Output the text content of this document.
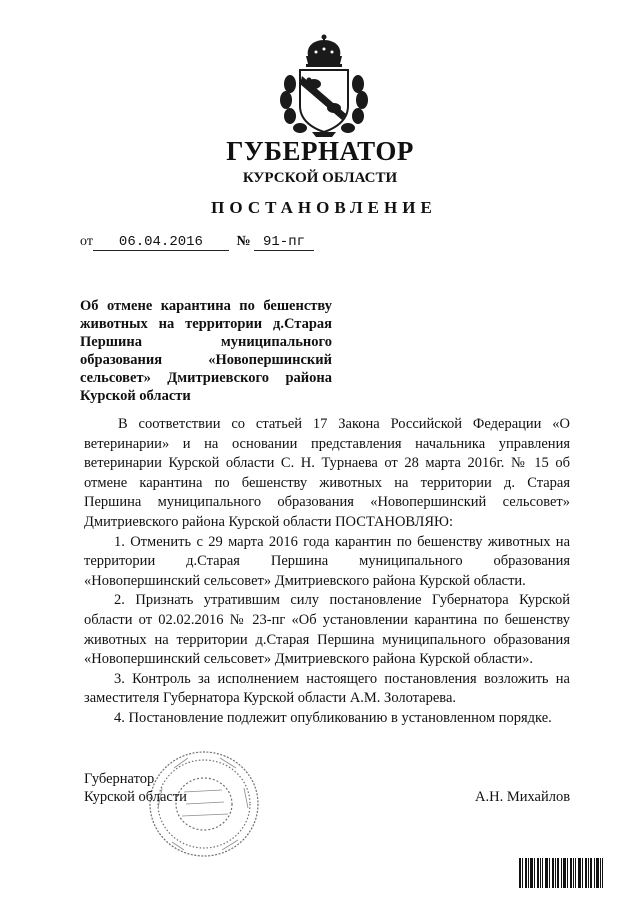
ГУБЕРНАТОР
КУРСКОЙ ОБЛАСТИ
ПОСТАНОВЛЕНИЕ
от 06.04.2016 № 91-пг
Об отмене карантина по бешенству
животных на территории д.Старая
Першина муниципального
образования «Новопершинский
сельсовет» Дмитриевского района
Курской области
В соответствии со статьей 17 Закона Российской Федерации «О
ветеринарии» и на основании представления начальника управления
ветеринарии Курской области С. Н. Турнаева от 28 марта 2016г. № 15 об
отмене карантина по бешенству животных на территории д. Старая
Першина муниципального образования «Новопершинский сельсовет»
Дмитриевского района Курской области ПОСТАНОВЛЯЮ:
1. Отменить с 29 марта 2016 года карантин по бешенству животных на
территории д.Старая Першина муниципального образования
«Новопершинский сельсовет» Дмитриевского района Курской области.
2. Признать утратившим силу постановление Губернатора Курской
области от 02.02.2016 № 23-пг «Об установлении карантина по бешенству
животных на территории д.Старая Першина муниципального образования
«Новопершинский сельсовет» Дмитриевского района Курской области».
3. Контроль за исполнением настоящего постановления возложить на
заместителя Губернатора Курской области А.М. Золотарева.
4. Постановление подлежит опубликованию в установленном порядке.
Губернатор
Курской области	А.Н. Михайлов
